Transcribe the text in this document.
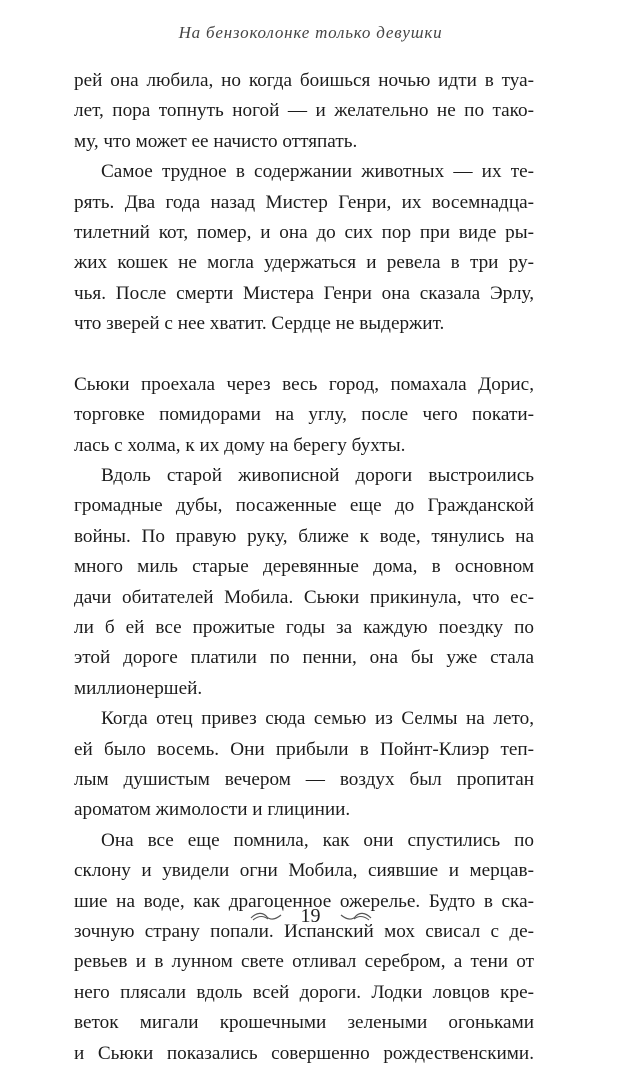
На бензоколонке только девушки
рей она любила, но когда боишься ночью идти в туа-
лет, пора топнуть ногой — и желательно не по тако-
му, что может ее начисто оттяпать.
Самое трудное в содержании животных — их те-
рять. Два года назад Мистер Генри, их восемнадца-
тилетний кот, помер, и она до сих пор при виде ры-
жих кошек не могла удержаться и ревела в три ру-
чья. После смерти Мистера Генри она сказала Эрлу,
что зверей с нее хватит. Сердце не выдержит.
Сьюки проехала через весь город, помахала Дорис,
торговке помидорами на углу, после чего покати-
лась с холма, к их дому на берегу бухты.
Вдоль старой живописной дороги выстроились
громадные дубы, посаженные еще до Гражданской
войны. По правую руку, ближе к воде, тянулись на
много миль старые деревянные дома, в основном
дачи обитателей Мобила. Сьюки прикинула, что ес-
ли б ей все прожитые годы за каждую поездку по
этой дороге платили по пенни, она бы уже стала
миллионершей.
Когда отец привез сюда семью из Селмы на лето,
ей было восемь. Они прибыли в Пойнт-Клиэр теп-
лым душистым вечером — воздух был пропитан
ароматом жимолости и глицинии.
Она все еще помнила, как они спустились по
склону и увидели огни Мобила, сиявшие и мерцав-
шие на воде, как драгоценное ожерелье. Будто в ска-
зочную страну попали. Испанский мох свисал с де-
ревьев и в лунном свете отливал серебром, а тени от
него плясали вдоль всей дороги. Лодки ловцов кре-
веток мигали крошечными зелеными огоньками
и Сьюки показались совершенно рождественскими.
19
